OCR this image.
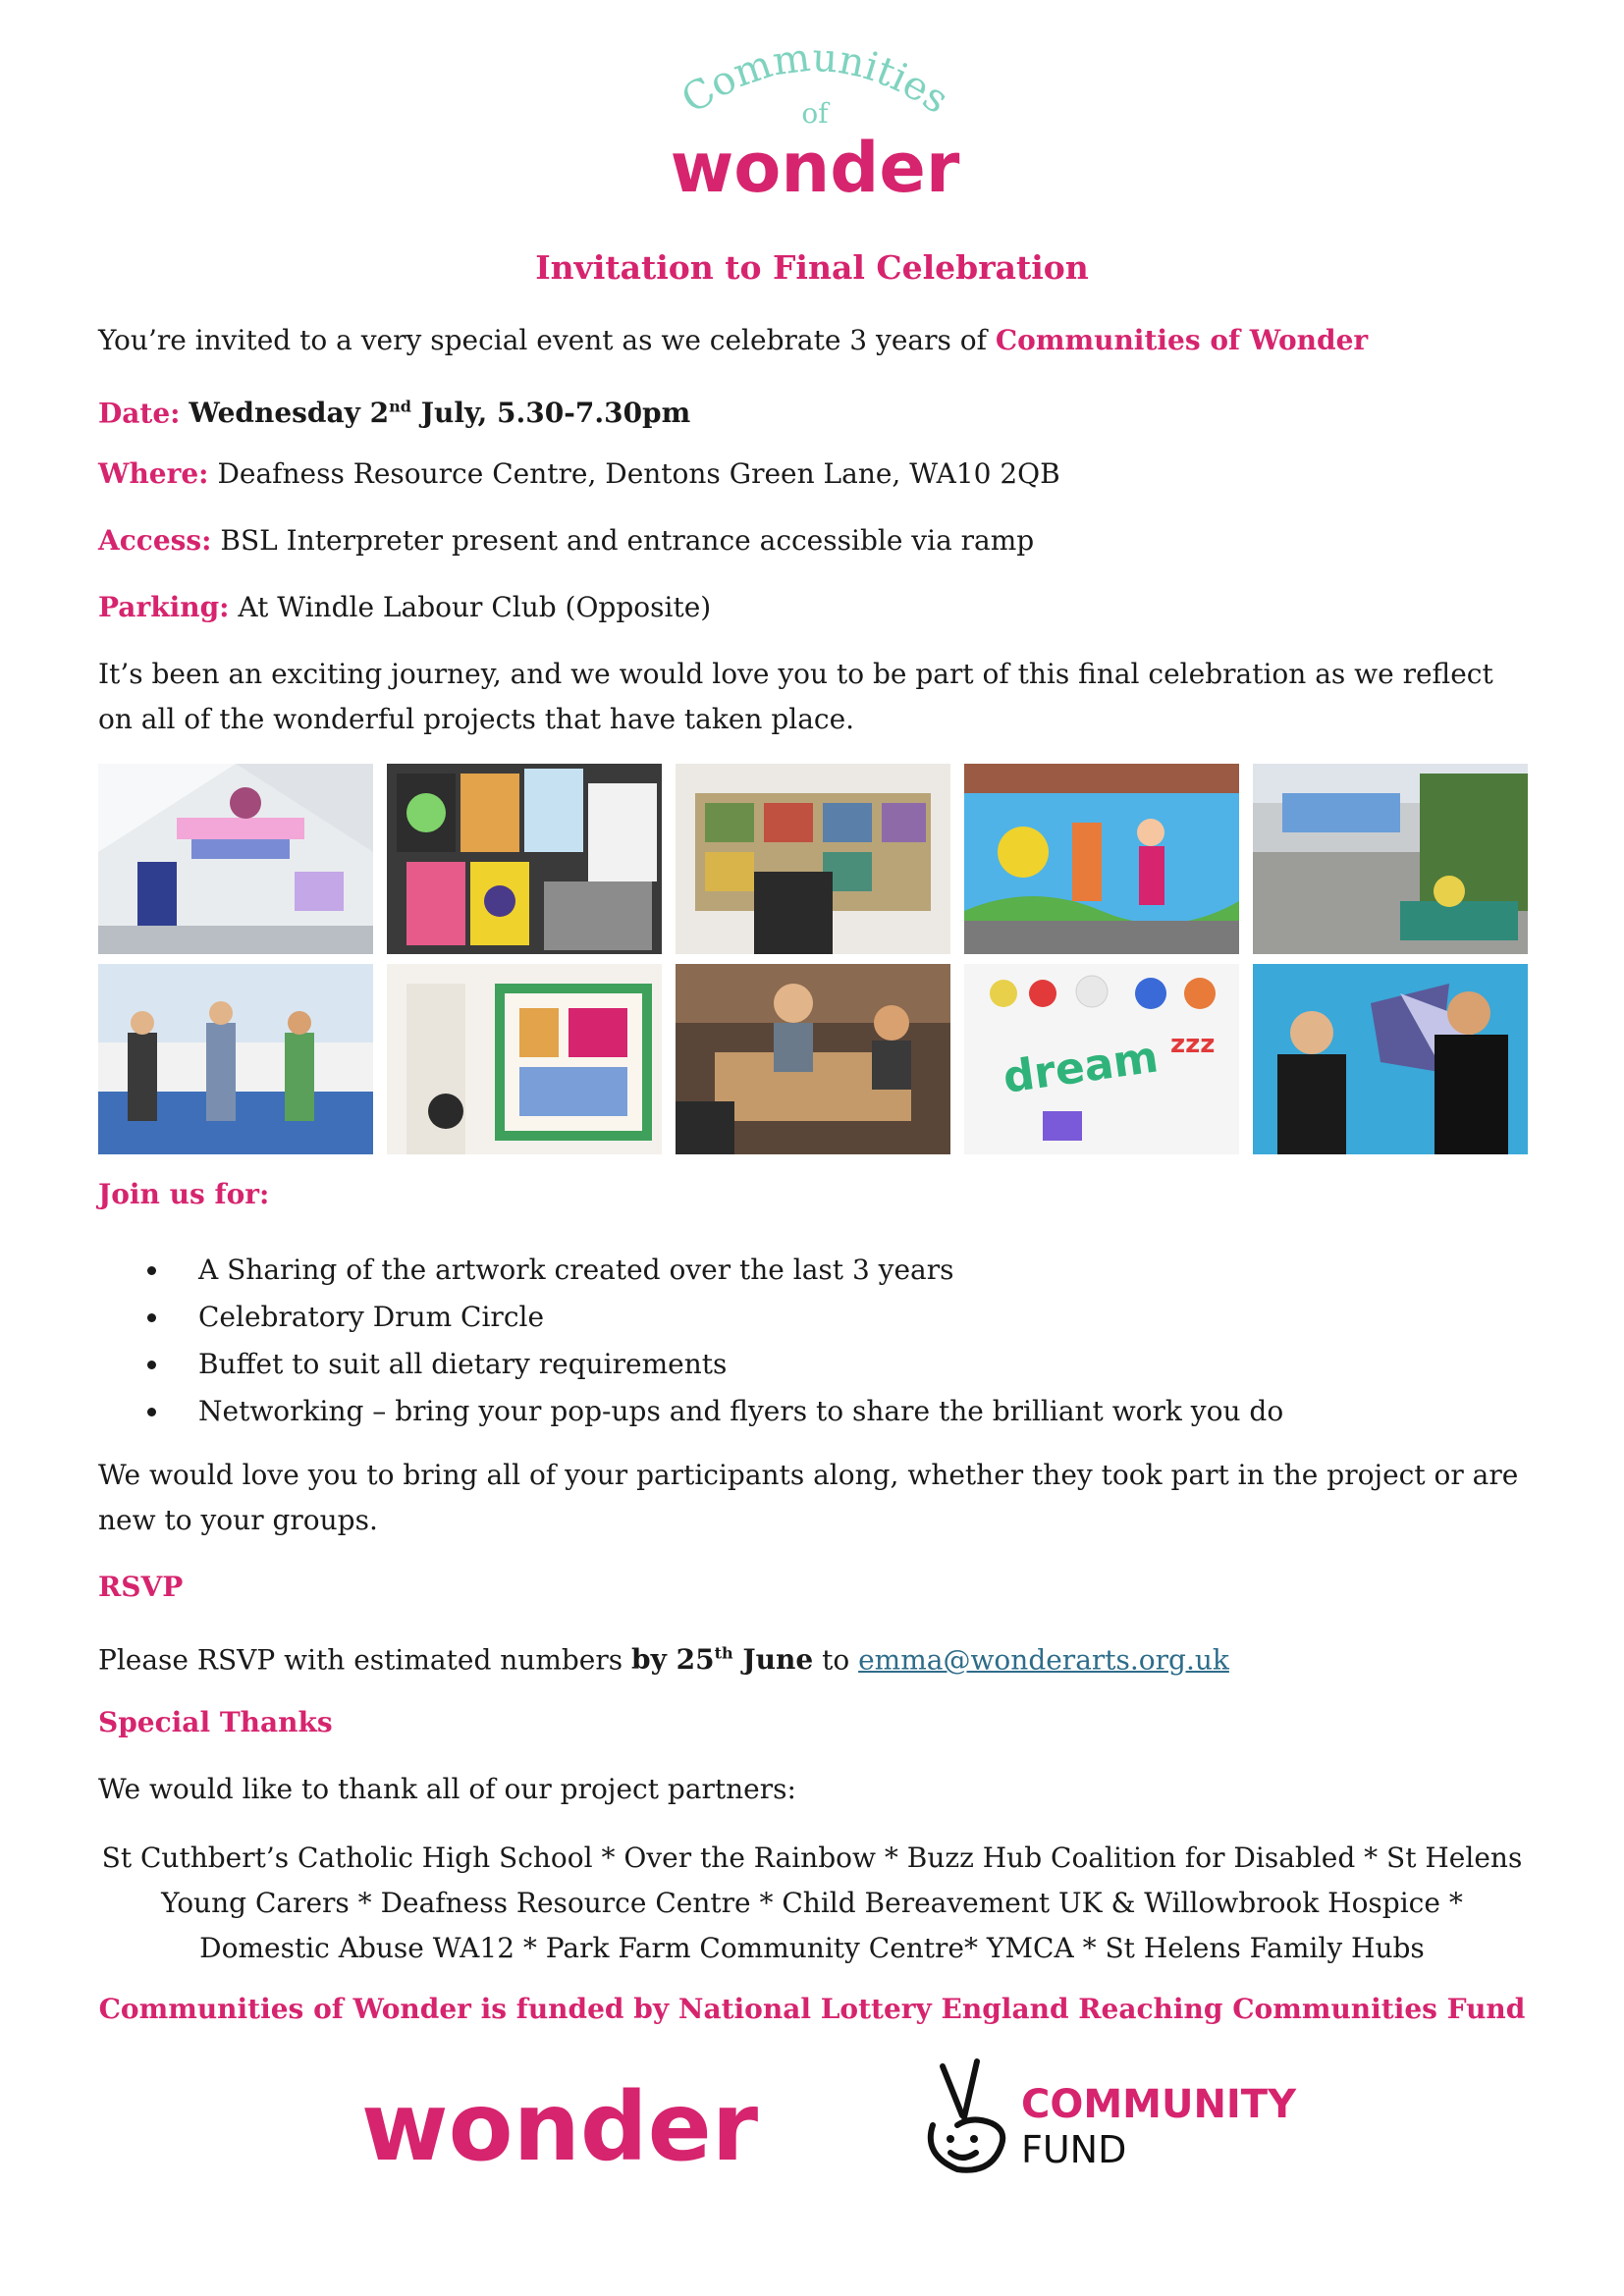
Communities
of
wonder
Invitation to Final Celebration
You’re invited to a very special event as we celebrate 3 years of Communities of Wonder
Date: Wednesday 2nd July, 5.30-7.30pm
Where: Deafness Resource Centre, Dentons Green Lane, WA10 2QB
Access: BSL Interpreter present and entrance accessible via ramp
Parking: At Windle Labour Club (Opposite)
It’s been an exciting journey, and we would love you to be part of this final celebration as we reflect on all of the wonderful projects that have taken place.
dream zzz
Join us for:
A Sharing of the artwork created over the last 3 years
Celebratory Drum Circle
Buffet to suit all dietary requirements
Networking – bring your pop-ups and flyers to share the brilliant work you do
We would love you to bring all of your participants along, whether they took part in the project or are new to your groups.
RSVP
Please RSVP with estimated numbers by 25th June to emma@wonderarts.org.uk
Special Thanks
We would like to thank all of our project partners:
St Cuthbert’s Catholic High School * Over the Rainbow * Buzz Hub Coalition for Disabled * St Helens
Young Carers * Deafness Resource Centre * Child Bereavement UK & Willowbrook Hospice *
Domestic Abuse WA12 * Park Farm Community Centre* YMCA * St Helens Family Hubs
Communities of Wonder is funded by National Lottery England Reaching Communities Fund
wonder	COMMUNITY
FUND
